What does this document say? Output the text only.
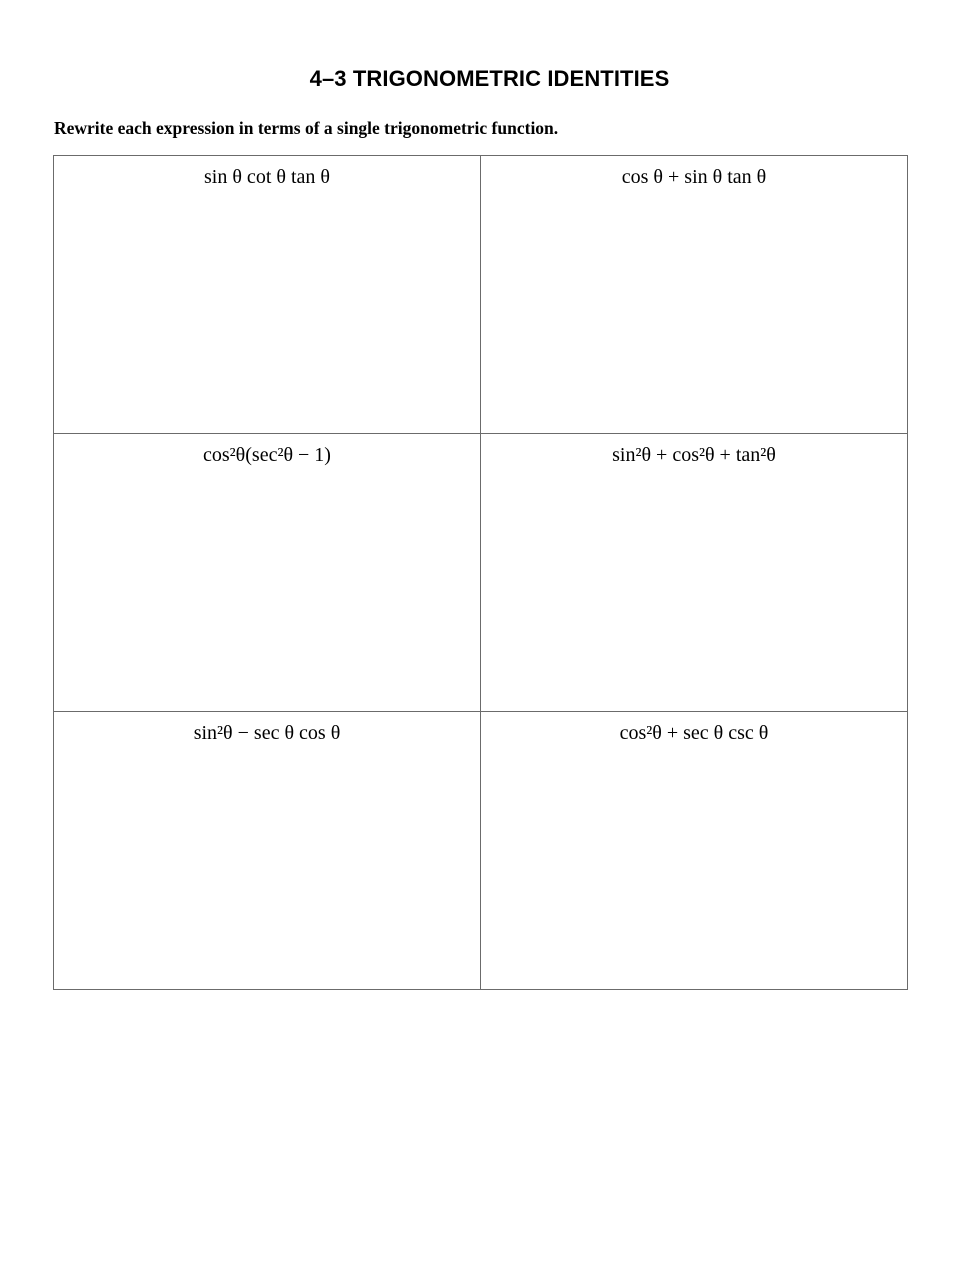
4–3 TRIGONOMETRIC IDENTITIES
Rewrite each expression in terms of a single trigonometric function.
sin θ cot θ tan θ	cos θ + sin θ tan θ
cos²θ(sec²θ − 1)	sin²θ + cos²θ + tan²θ
sin²θ − sec θ cos θ	cos²θ + sec θ csc θ
